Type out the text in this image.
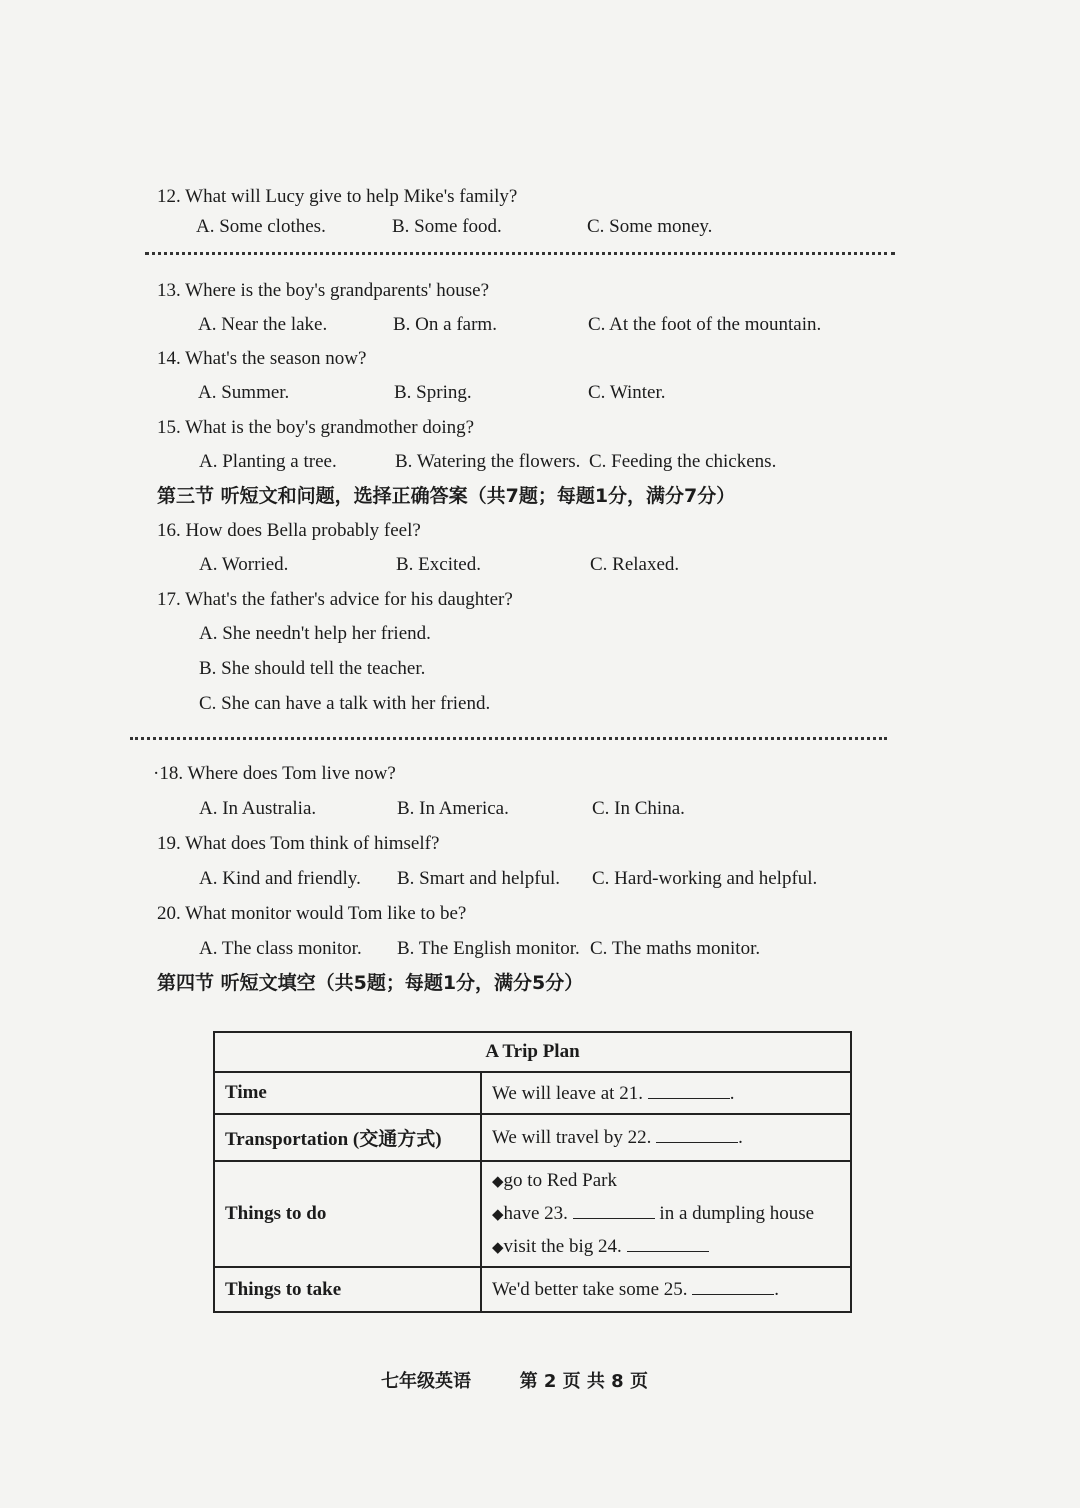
12. What will Lucy give to help Mike's family?
A. Some clothes.	B. Some food.	C. Some money.
13. Where is the boy's grandparents' house?
A. Near the lake.	B. On a farm.	C. At the foot of the mountain.
14. What's the season now?
A. Summer.	B. Spring.	C. Winter.
15. What is the boy's grandmother doing?
A. Planting a tree.	B. Watering the flowers. C. Feeding the chickens.
第三节 听短文和问题，选择正确答案（共7题；每题1分，满分7分）
16. How does Bella probably feel?
A. Worried.	B. Excited.	C. Relaxed.
17. What's the father's advice for his daughter?
A. She needn't help her friend.
B. She should tell the teacher.
C. She can have a talk with her friend.
·18. Where does Tom live now?
A. In Australia.	B. In America.	C. In China.
19. What does Tom think of himself?
A. Kind and friendly. B. Smart and helpful. C. Hard-working and helpful.
20. What monitor would Tom like to be?
A. The class monitor. B. The English monitor. C. The maths monitor.
第四节 听短文填空（共5题；每题1分，满分5分）
A Trip Plan	
Time	We will leave at 21. .
Transportation (交通方式)	We will travel by 22. .
Things to do	◆go to Red Park
◆have 23. in a dumpling house
◆visit the big 24.

Things to take	We'd better take some 25. .
七年级英语	第 2 页 共 8 页
